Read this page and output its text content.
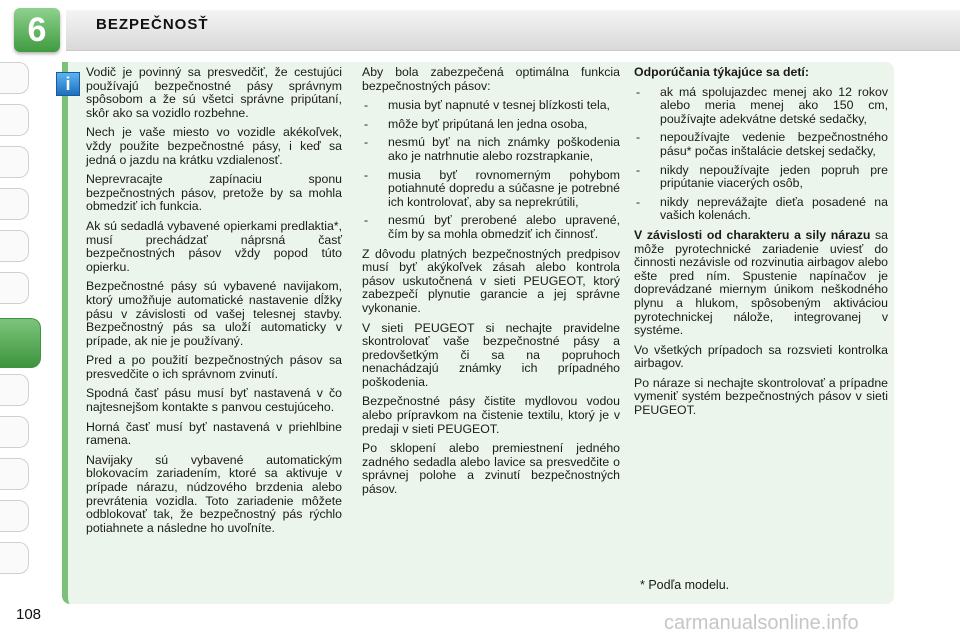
6	BEZPEČNOSŤ
i

Vodič je povinný sa presvedčiť, že cestujúci používajú bezpečnostné pásy správnym spôsobom a že sú všetci správne pripútaní, skôr ako sa vozidlo rozbehne.

Nech je vaše miesto vo vozidle akékoľvek, vždy použite bezpečnostné pásy, i keď sa jedná o jazdu na krátku vzdialenosť.

Neprevracajte zapínaciu sponu bezpečnostných pásov, pretože by sa mohla obmedziť ich funkcia.

Ak sú sedadlá vybavené opierkami predlaktia*, musí prechádzať náprsná časť bezpečnostných pásov vždy popod túto opierku.

Bezpečnostné pásy sú vybavené navijakom, ktorý umožňuje automatické nastavenie dĺžky pásu v závislosti od vašej telesnej stavby. Bezpečnostný pás sa uloží automaticky v prípade, ak nie je používaný.

Pred a po použití bezpečnostných pásov sa presvedčite o ich správnom zvinutí.

Spodná časť pásu musí byť nastavená v čo najtesnejšom kontakte s panvou cestujúceho.

Horná časť musí byť nastavená v priehlbine ramena.

Navijaky sú vybavené automatickým blokovacím zariadením, ktoré sa aktivuje v prípade nárazu, núdzového brzdenia alebo prevrátenia vozidla. Toto zariadenie môžete odblokovať tak, že bezpečnostný pás rýchlo potiahnete a následne ho uvoľníte.

Aby bola zabezpečená optimálna funkcia bezpečnostných pásov:

- musia byť napnuté v tesnej blízkosti tela,
- môže byť pripútaná len jedna osoba,
- nesmú byť na nich známky poškodenia ako je natrhnutie alebo rozstrapkanie,
- musia byť rovnomerným pohybom potiahnuté dopredu a súčasne je potrebné ich kontrolovať, aby sa neprekrútili,
- nesmú byť prerobené alebo upravené, čím by sa mohla obmedziť ich činnosť.

Z dôvodu platných bezpečnostných predpisov musí byť akýkoľvek zásah alebo kontrola pásov uskutočnená v sieti PEUGEOT, ktorý zabezpečí plynutie garancie a jej správne vykonanie.

V sieti PEUGEOT si nechajte pravidelne skontrolovať vaše bezpečnostné pásy a predovšetkým či sa na popruhoch nenachádzajú známky ich prípadného poškodenia.

Bezpečnostné pásy čistite mydlovou vodou alebo prípravkom na čistenie textilu, ktorý je v predaji v sieti PEUGEOT.

Po sklopení alebo premiestnení jedného zadného sedadla alebo lavice sa presvedčite o správnej polohe a zvinutí bezpečnostných pásov.

Odporúčania týkajúce sa detí:

- ak má spolujazdec menej ako 12 rokov alebo meria menej ako 150 cm, používajte adekvátne detské sedačky,
- nepoužívajte vedenie bezpečnostného pásu* počas inštalácie detskej sedačky,
- nikdy nepoužívajte jeden popruh pre pripútanie viacerých osôb,
- nikdy neprevážajte dieťa posadené na vašich kolenách.

V závislosti od charakteru a sily nárazu sa môže pyrotechnické zariadenie uviesť do činnosti nezávisle od rozvinutia airbagov alebo ešte pred ním. Spustenie napínačov je doprevádzané miernym únikom neškodného plynu a hlukom, spôsobeným aktiváciou pyrotechnickej nálože, integrovanej v systéme.

Vo všetkých prípadoch sa rozsvieti kontrolka airbagov.

Po náraze si nechajte skontrolovať a prípadne vymeniť systém bezpečnostných pásov v sieti PEUGEOT.

* Podľa modelu.
108	carmanualsonline.info
